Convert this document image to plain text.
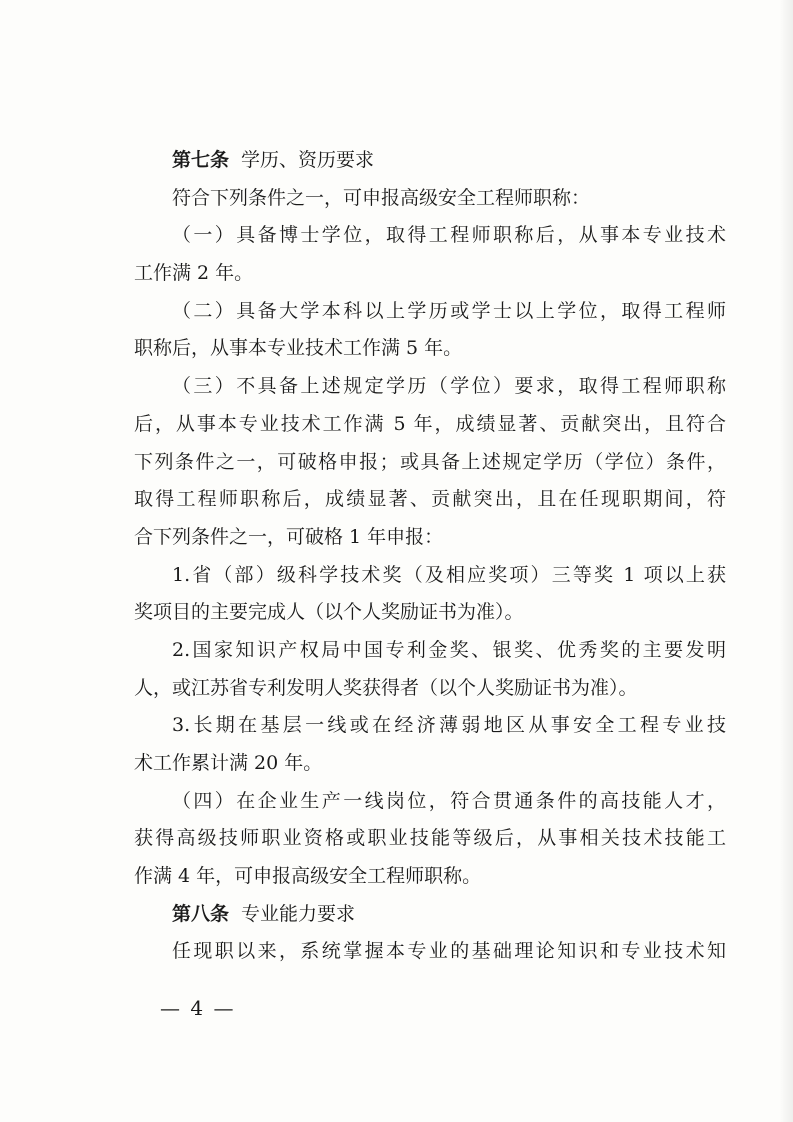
第七条 学历、资历要求
符合下列条件之一，可申报高级安全工程师职称：
（一）具备博士学位，取得工程师职称后，从事本专业技术
工作满 2 年。
（二）具备大学本科以上学历或学士以上学位，取得工程师
职称后，从事本专业技术工作满 5 年。
（三）不具备上述规定学历（学位）要求，取得工程师职称
后，从事本专业技术工作满 5 年，成绩显著、贡献突出，且符合
下列条件之一，可破格申报；或具备上述规定学历（学位）条件，
取得工程师职称后，成绩显著、贡献突出，且在任现职期间，符
合下列条件之一，可破格 1 年申报：
1.省（部）级科学技术奖（及相应奖项）三等奖 1 项以上获
奖项目的主要完成人（以个人奖励证书为准）。
2.国家知识产权局中国专利金奖、银奖、优秀奖的主要发明
人，或江苏省专利发明人奖获得者（以个人奖励证书为准）。
3.长期在基层一线或在经济薄弱地区从事安全工程专业技
术工作累计满 20 年。
（四）在企业生产一线岗位，符合贯通条件的高技能人才，
获得高级技师职业资格或职业技能等级后，从事相关技术技能工
作满 4 年，可申报高级安全工程师职称。
第八条 专业能力要求
任现职以来，系统掌握本专业的基础理论知识和专业技术知
— 4 —
